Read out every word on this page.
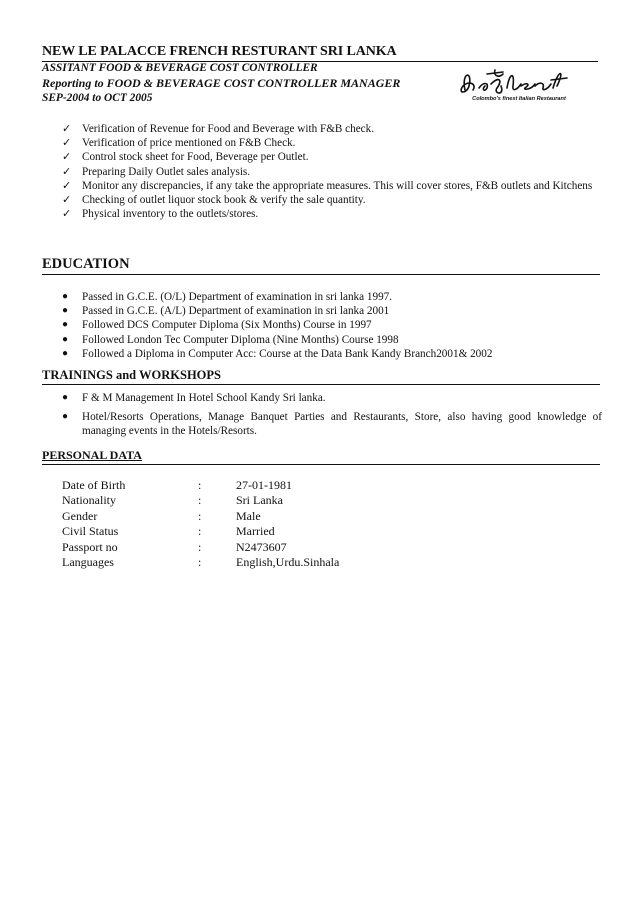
NEW LE PALACCE FRENCH RESTURANT SRI LANKA
ASSITANT FOOD & BEVERAGE COST CONTROLLER
Reporting to FOOD & BEVERAGE COST CONTROLLER MANAGER
SEP-2004 to OCT 2005	Colombo's finest Italian Restaurant
✓ Verification of Revenue for Food and Beverage with F&B check.
✓ Verification of price mentioned on F&B Check.
✓ Control stock sheet for Food, Beverage per Outlet.
✓ Preparing Daily Outlet sales analysis.
✓ Monitor any discrepancies, if any take the appropriate measures. This will cover stores, F&B outlets and Kitchens
✓ Checking of outlet liquor stock book & verify the sale quantity.
✓ Physical inventory to the outlets/stores.
EDUCATION
● Passed in G.C.E. (O/L) Department of examination in sri lanka 1997.
● Passed in G.C.E. (A/L) Department of examination in sri lanka 2001
● Followed DCS Computer Diploma (Six Months) Course in 1997
● Followed London Tec Computer Diploma (Nine Months) Course 1998
● Followed a Diploma in Computer Acc: Course at the Data Bank Kandy Branch2001& 2002
TRAININGS and WORKSHOPS
● F & M Management In Hotel School Kandy Sri lanka.
● Hotel/Resorts Operations, Manage Banquet Parties and Restaurants, Store, also having good knowledge of managing events in the Hotels/Resorts.
PERSONAL DATA
Date of Birth	:	27-01-1981
Nationality	:	Sri Lanka
Gender	:	Male
Civil Status	:	Married
Passport no	:	N2473607
Languages	:	English,Urdu.Sinhala
